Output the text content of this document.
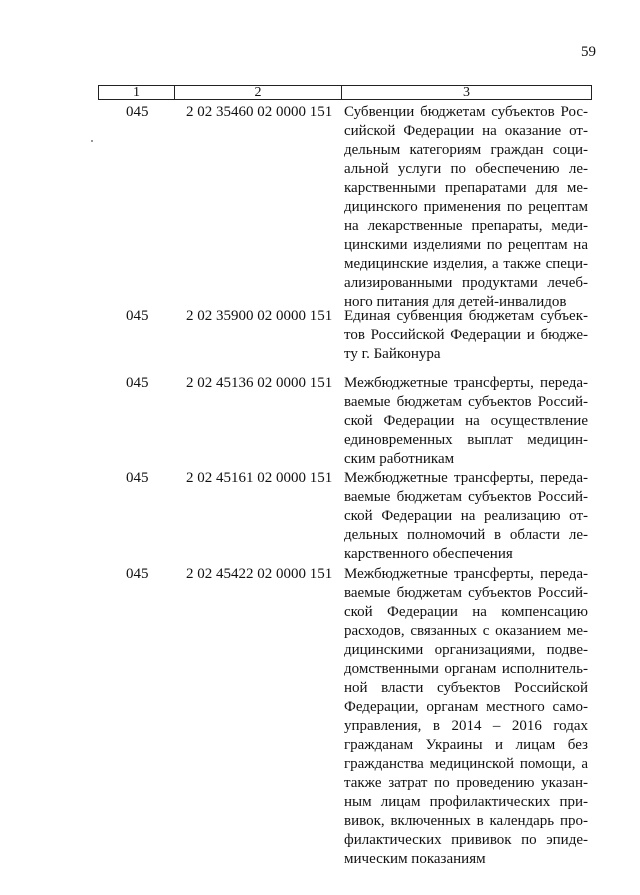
59
1	2	3
045	2 02 35460 02 0000 151 Субвенции бюджетам субъектов Рос-
сийской Федерации на оказание от-
дельным категориям граждан соци-
альной услуги по обеспечению ле-
карственными препаратами для ме-
дицинского применения по рецептам
на лекарственные препараты, меди-
цинскими изделиями по рецептам на
медицинские изделия, а также специ-
ализированными продуктами лечеб-
ного питания для детей-инвалидов
045	2 02 35900 02 0000 151 Единая субвенция бюджетам субъек-
тов Российской Федерации и бюдже-
ту г. Байконура
045	2 02 45136 02 0000 151 Межбюджетные трансферты, переда-
ваемые бюджетам субъектов Россий-
ской Федерации на осуществление
единовременных выплат медицин-
ским работникам
045	2 02 45161 02 0000 151 Межбюджетные трансферты, переда-
ваемые бюджетам субъектов Россий-
ской Федерации на реализацию от-
дельных полномочий в области ле-
карственного обеспечения
045	2 02 45422 02 0000 151 Межбюджетные трансферты, переда-
ваемые бюджетам субъектов Россий-
ской Федерации на компенсацию
расходов, связанных с оказанием ме-
дицинскими организациями, подве-
домственными органам исполнитель-
ной власти субъектов Российской
Федерации, органам местного само-
управления, в 2014 – 2016 годах
гражданам Украины и лицам без
гражданства медицинской помощи, а
также затрат по проведению указан-
ным лицам профилактических при-
вивок, включенных в календарь про-
филактических прививок по эпиде-
мическим показаниям
